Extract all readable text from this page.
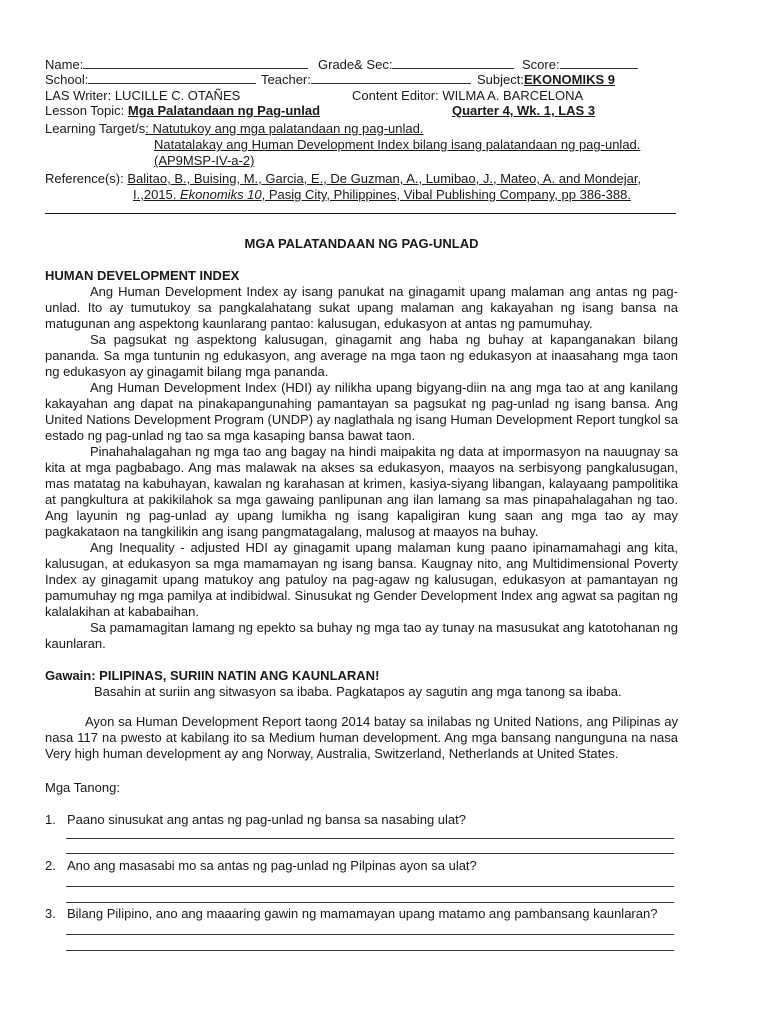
Name:	Grade& Sec:	Score:
School:	Teacher:	Subject:EKONOMIKS 9
LAS Writer: LUCILLE C. OTAÑES	Content Editor: WILMA A. BARCELONA
Lesson Topic: Mga Palatandaan ng Pag-unlad	Quarter 4, Wk. 1, LAS 3
Learning Target/s: Natutukoy ang mga palatandaan ng pag-unlad.
Natatalakay ang Human Development Index bilang isang palatandaan ng pag-unlad.
(AP9MSP-IV-a-2)
Reference(s): Balitao, B., Buising, M., Garcia, E., De Guzman, A., Lumibao, J., Mateo, A. and Mondejar,
I.,2015. Ekonomiks 10, Pasig City, Philippines, Vibal Publishing Company, pp 386-388.
MGA PALATANDAAN NG PAG-UNLAD
HUMAN DEVELOPMENT INDEX

Ang Human Development Index ay isang panukat na ginagamit upang malaman ang antas ng pag-unlad. Ito ay tumutukoy sa pangkalahatang sukat upang malaman ang kakayahan ng isang bansa na matugunan ang aspektong kaunlarang pantao: kalusugan, edukasyon at antas ng pamumuhay.

Sa pagsukat ng aspektong kalusugan, ginagamit ang haba ng buhay at kapanganakan bilang pananda. Sa mga tuntunin ng edukasyon, ang average na mga taon ng edukasyon at inaasahang mga taon ng edukasyon ay ginagamit bilang mga pananda.

Ang Human Development Index (HDI) ay nilikha upang bigyang-diin na ang mga tao at ang kanilang kakayahan ang dapat na pinakapangunahing pamantayan sa pagsukat ng pag-unlad ng isang bansa. Ang United Nations Development Program (UNDP) ay naglathala ng isang Human Development Report tungkol sa estado ng pag-unlad ng tao sa mga kasaping bansa bawat taon.

Pinahahalagahan ng mga tao ang bagay na hindi maipakita ng data at impormasyon na nauugnay sa kita at mga pagbabago. Ang mas malawak na akses sa edukasyon, maayos na serbisyong pangkalusugan, mas matatag na kabuhayan, kawalan ng karahasan at krimen, kasiya-siyang libangan, kalayaang pampolitika at pangkultura at pakikilahok sa mga gawaing panlipunan ang ilan lamang sa mas pinapahalagahan ng tao. Ang layunin ng pag-unlad ay upang lumikha ng isang kapaligiran kung saan ang mga tao ay may pagkakataon na tangkilikin ang isang pangmatagalang, malusog at maayos na buhay.

Ang Inequality - adjusted HDI ay ginagamit upang malaman kung paano ipinamamahagi ang kita, kalusugan, at edukasyon sa mga mamamayan ng isang bansa. Kaugnay nito, ang Multidimensional Poverty Index ay ginagamit upang matukoy ang patuloy na pag-agaw ng kalusugan, edukasyon at pamantayan ng pamumuhay ng mga pamilya at indibidwal. Sinusukat ng Gender Development Index ang agwat sa pagitan ng kalalakihan at kababaihan.

Sa pamamagitan lamang ng epekto sa buhay ng mga tao ay tunay na masusukat ang katotohanan ng kaunlaran.

Gawain: PILIPINAS, SURIIN NATIN ANG KAUNLARAN!

Basahin at suriin ang sitwasyon sa ibaba. Pagkatapos ay sagutin ang mga tanong sa ibaba.

Ayon sa Human Development Report taong 2014 batay sa inilabas ng United Nations, ang Pilipinas ay nasa 117 na pwesto at kabilang ito sa Medium human development. Ang mga bansang nangunguna na nasa Very high human development ay ang Norway, Australia, Switzerland, Netherlands at United States.

Mga Tanong:
1. Paano sinusukat ang antas ng pag-unlad ng bansa sa nasabing ulat?
2. Ano ang masasabi mo sa antas ng pag-unlad ng Pilpinas ayon sa ulat?
3. Bilang Pilipino, ano ang maaaring gawin ng mamamayan upang matamo ang pambansang kaunlaran?
